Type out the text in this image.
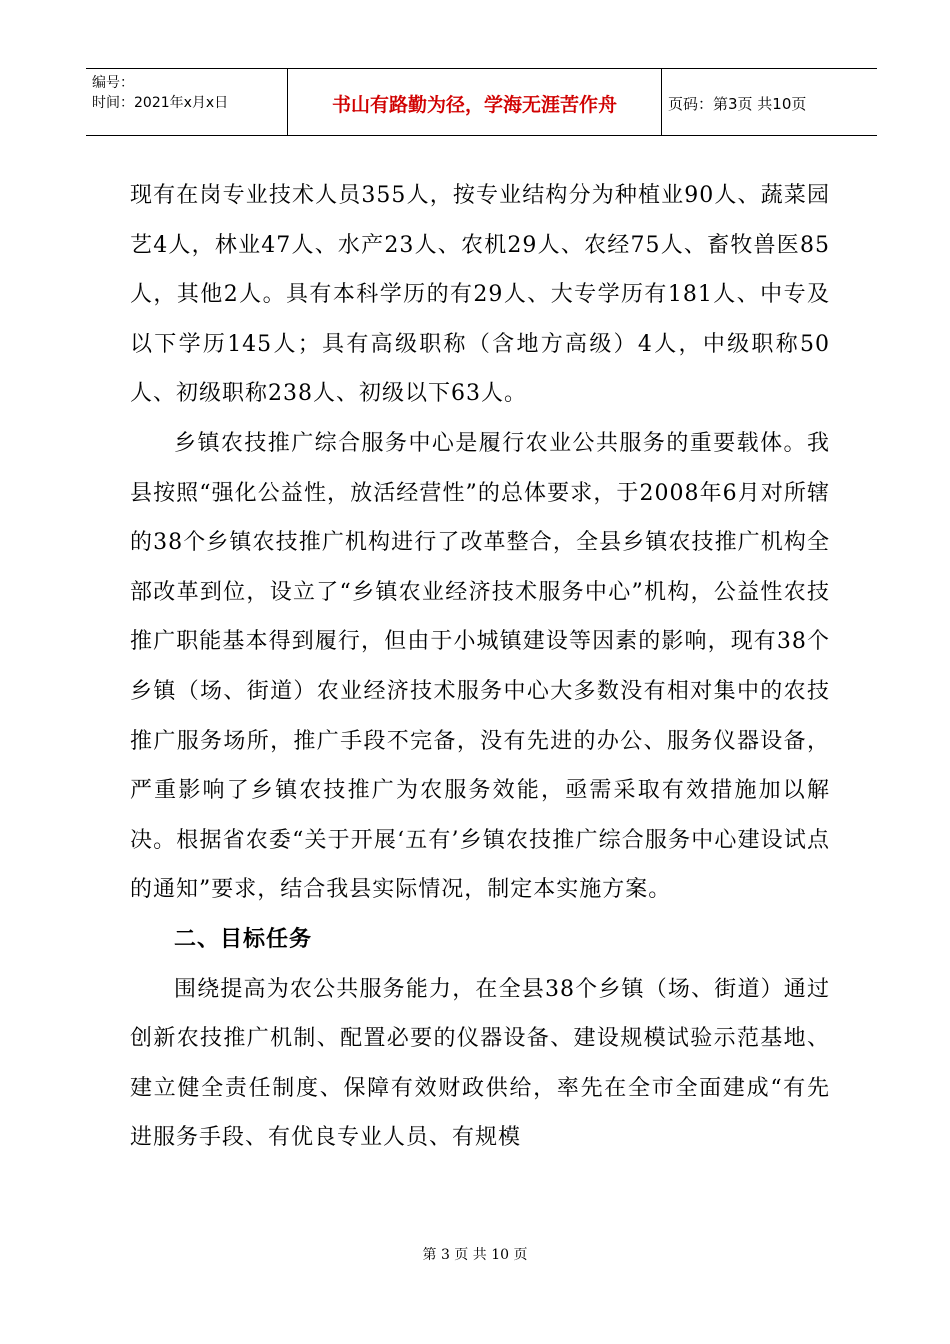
编号：
时间：2021年x月x日	书山有路勤为径，学海无涯苦作舟	页码：第3页 共10页

现有在岗专业技术人员355人，按专业结构分为种植业90人、蔬菜园艺4人，林业47人、水产23人、农机29人、农经75人、畜牧兽医85人，其他2人。具有本科学历的有29人、大专学历有181人、中专及以下学历145人；具有高级职称（含地方高级）4人，中级职称50人、初级职称238人、初级以下63人。

乡镇农技推广综合服务中心是履行农业公共服务的重要载体。我县按照“强化公益性，放活经营性”的总体要求，于2008年6月对所辖的38个乡镇农技推广机构进行了改革整合，全县乡镇农技推广机构全部改革到位，设立了“乡镇农业经济技术服务中心”机构，公益性农技推广职能基本得到履行，但由于小城镇建设等因素的影响，现有38个乡镇（场、街道）农业经济技术服务中心大多数没有相对集中的农技推广服务场所，推广手段不完备，没有先进的办公、服务仪器设备，严重影响了乡镇农技推广为农服务效能，亟需采取有效措施加以解决。根据省农委“关于开展‘五有’乡镇农技推广综合服务中心建设试点的通知”要求，结合我县实际情况，制定本实施方案。

二、目标任务

围绕提高为农公共服务能力，在全县38个乡镇（场、街道）通过创新农技推广机制、配置必要的仪器设备、建设规模试验示范基地、建立健全责任制度、保障有效财政供给，率先在全市全面建成“有先进服务手段、有优良专业人员、有规模

第 3 页 共 10 页
